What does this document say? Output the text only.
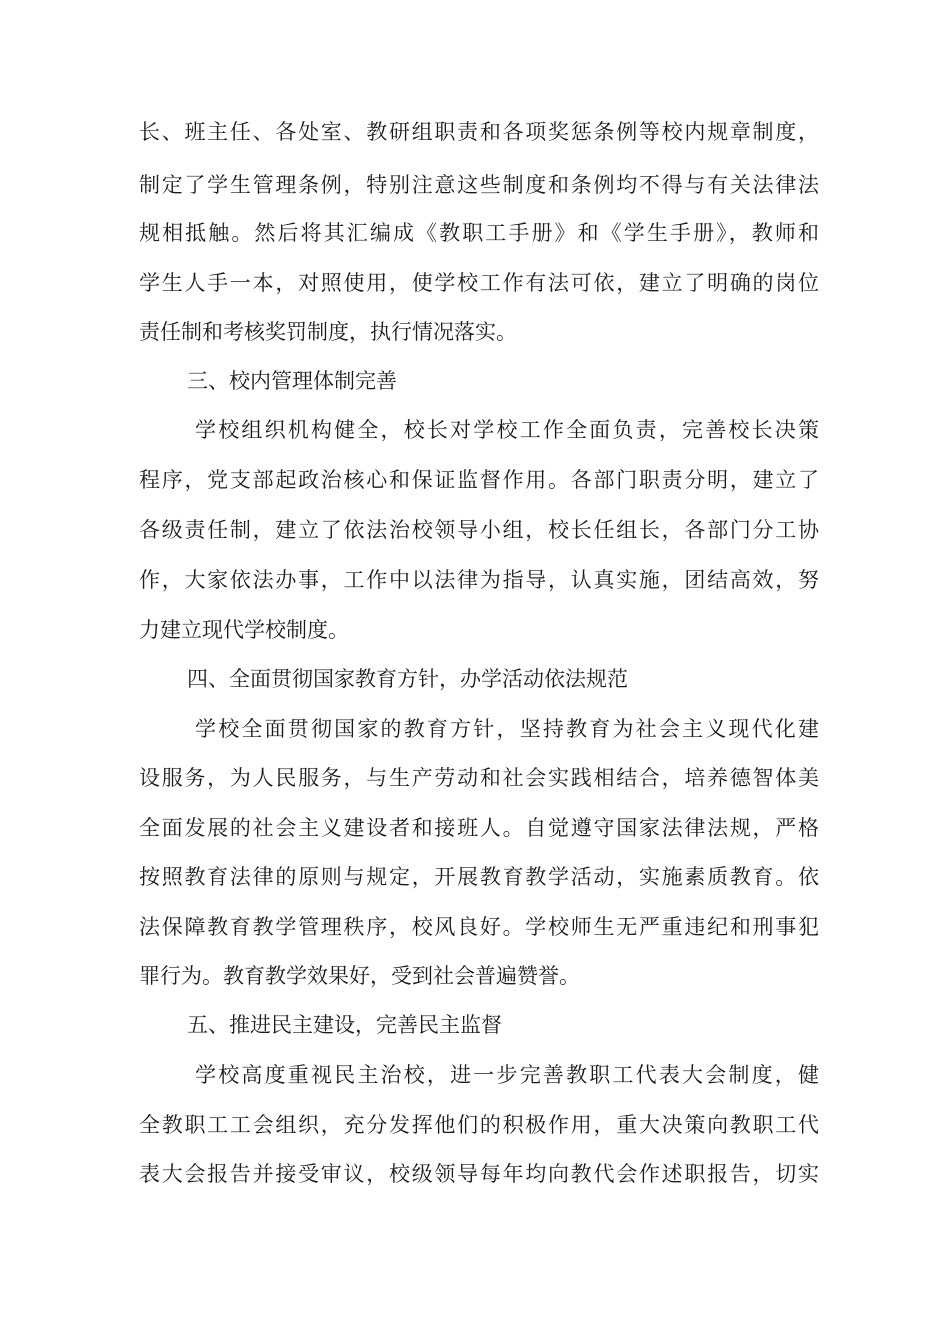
长、班主任、各处室、教研组职责和各项奖惩条例等校内规章制度，
制定了学生管理条例，特别注意这些制度和条例均不得与有关法律法
规相抵触。然后将其汇编成《教职工手册》和《学生手册》，教师和
学生人手一本，对照使用，使学校工作有法可依，建立了明确的岗位
责任制和考核奖罚制度，执行情况落实。
三、校内管理体制完善
学校组织机构健全，校长对学校工作全面负责，完善校长决策
程序，党支部起政治核心和保证监督作用。各部门职责分明，建立了
各级责任制，建立了依法治校领导小组，校长任组长，各部门分工协
作，大家依法办事，工作中以法律为指导，认真实施，团结高效，努
力建立现代学校制度。
四、全面贯彻国家教育方针，办学活动依法规范
学校全面贯彻国家的教育方针，坚持教育为社会主义现代化建
设服务，为人民服务，与生产劳动和社会实践相结合，培养德智体美
全面发展的社会主义建设者和接班人。自觉遵守国家法律法规，严格
按照教育法律的原则与规定，开展教育教学活动，实施素质教育。依
法保障教育教学管理秩序，校风良好。学校师生无严重违纪和刑事犯
罪行为。教育教学效果好，受到社会普遍赞誉。
五、推进民主建设，完善民主监督
学校高度重视民主治校，进一步完善教职工代表大会制度，健
全教职工工会组织，充分发挥他们的积极作用，重大决策向教职工代
表大会报告并接受审议，校级领导每年均向教代会作述职报告，切实
